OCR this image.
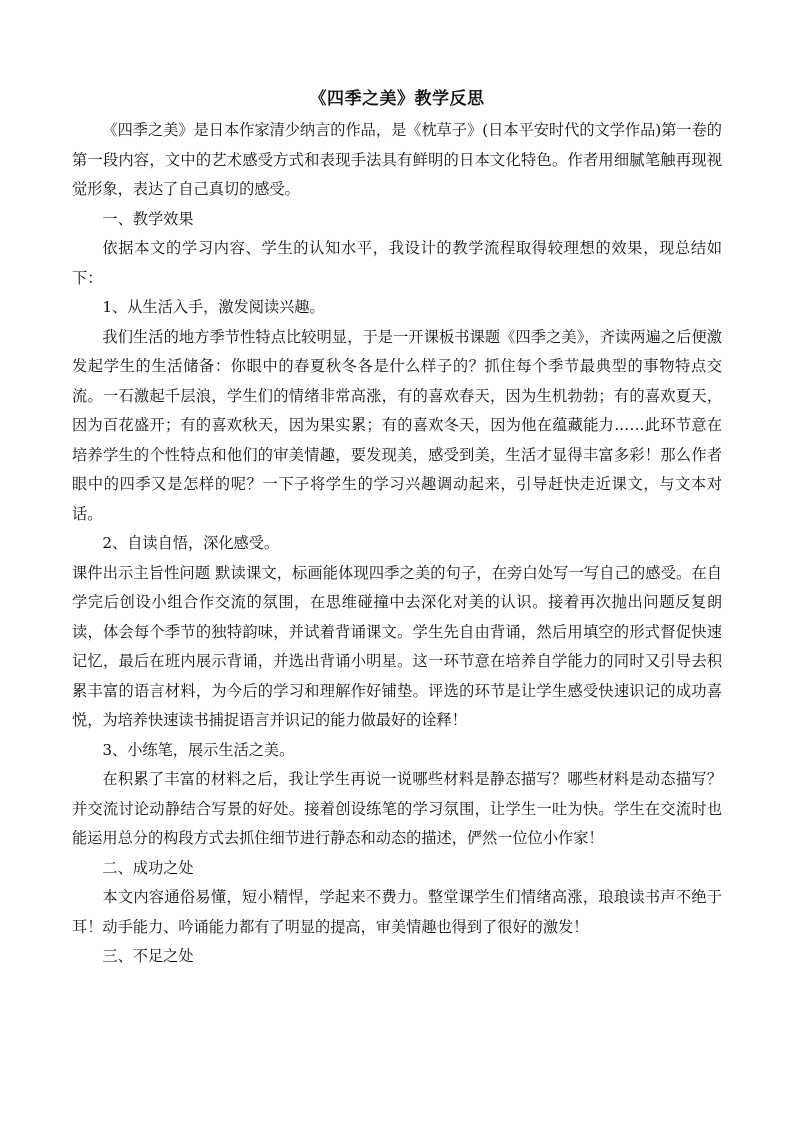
《四季之美》教学反思

《四季之美》是日本作家清少纳言的作品，是《枕草子》(日本平安时代的文学作品)第一卷的第一段内容，文中的艺术感受方式和表现手法具有鲜明的日本文化特色。作者用细腻笔触再现视觉形象，表达了自己真切的感受。

一、教学效果

依据本文的学习内容、学生的认知水平，我设计的教学流程取得较理想的效果，现总结如下：

1、从生活入手，激发阅读兴趣。

我们生活的地方季节性特点比较明显，于是一开课板书课题《四季之美》，齐读两遍之后便激发起学生的生活储备：你眼中的春夏秋冬各是什么样子的？抓住每个季节最典型的事物特点交流。一石激起千层浪，学生们的情绪非常高涨，有的喜欢春天，因为生机勃勃；有的喜欢夏天，因为百花盛开；有的喜欢秋天，因为果实累；有的喜欢冬天，因为他在蕴藏能力……此环节意在培养学生的个性特点和他们的审美情趣，要发现美，感受到美，生活才显得丰富多彩！那么作者眼中的四季又是怎样的呢？一下子将学生的学习兴趣调动起来，引导赶快走近课文，与文本对话。

2、自读自悟，深化感受。

课件出示主旨性问题 默读课文，标画能体现四季之美的句子，在旁白处写一写自己的感受。在自学完后创设小组合作交流的氛围，在思维碰撞中去深化对美的认识。接着再次抛出问题反复朗读，体会每个季节的独特韵味，并试着背诵课文。学生先自由背诵，然后用填空的形式督促快速记忆，最后在班内展示背诵，并选出背诵小明星。这一环节意在培养自学能力的同时又引导去积累丰富的语言材料，为今后的学习和理解作好铺垫。评选的环节是让学生感受快速识记的成功喜悦，为培养快速读书捕捉语言并识记的能力做最好的诠释！

3、小练笔，展示生活之美。

在积累了丰富的材料之后，我让学生再说一说哪些材料是静态描写？哪些材料是动态描写？并交流讨论动静结合写景的好处。接着创设练笔的学习氛围，让学生一吐为快。学生在交流时也能运用总分的构段方式去抓住细节进行静态和动态的描述，俨然一位位小作家！

二、成功之处

本文内容通俗易懂，短小精悍，学起来不费力。整堂课学生们情绪高涨，琅琅读书声不绝于耳！动手能力、吟诵能力都有了明显的提高，审美情趣也得到了很好的激发！

三、不足之处
